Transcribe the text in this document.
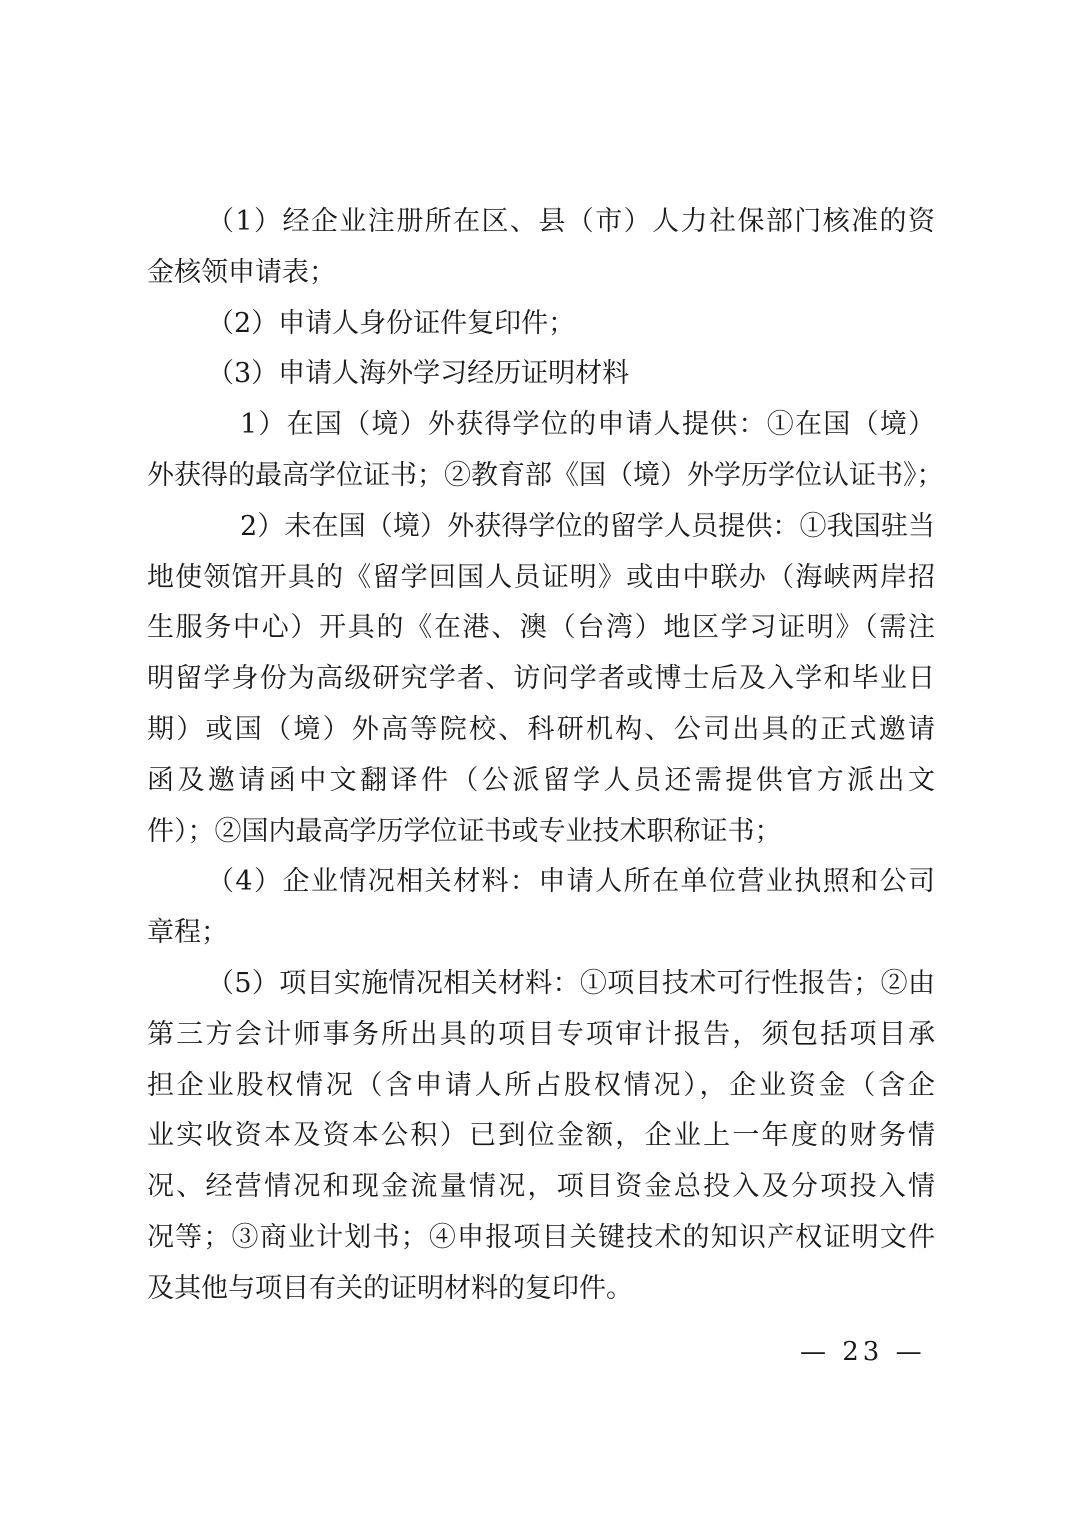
（1）经企业注册所在区、县（市）人力社保部门核准的资
金核领申请表；
（2）申请人身份证件复印件；
（3）申请人海外学习经历证明材料
1）在国（境）外获得学位的申请人提供：①在国（境）
外获得的最高学位证书；②教育部《国（境）外学历学位认证书》；
2）未在国（境）外获得学位的留学人员提供：①我国驻当
地使领馆开具的《留学回国人员证明》或由中联办（海峡两岸招
生服务中心）开具的《在港、澳（台湾）地区学习证明》（需注
明留学身份为高级研究学者、访问学者或博士后及入学和毕业日
期）或国（境）外高等院校、科研机构、公司出具的正式邀请
函及邀请函中文翻译件（公派留学人员还需提供官方派出文
件）；②国内最高学历学位证书或专业技术职称证书；
（4）企业情况相关材料：申请人所在单位营业执照和公司
章程；
（5）项目实施情况相关材料：①项目技术可行性报告；②由
第三方会计师事务所出具的项目专项审计报告，须包括项目承
担企业股权情况（含申请人所占股权情况），企业资金（含企
业实收资本及资本公积）已到位金额，企业上一年度的财务情
况、经营情况和现金流量情况，项目资金总投入及分项投入情
况等；③商业计划书；④申报项目关键技术的知识产权证明文件
及其他与项目有关的证明材料的复印件。
— 23 —
